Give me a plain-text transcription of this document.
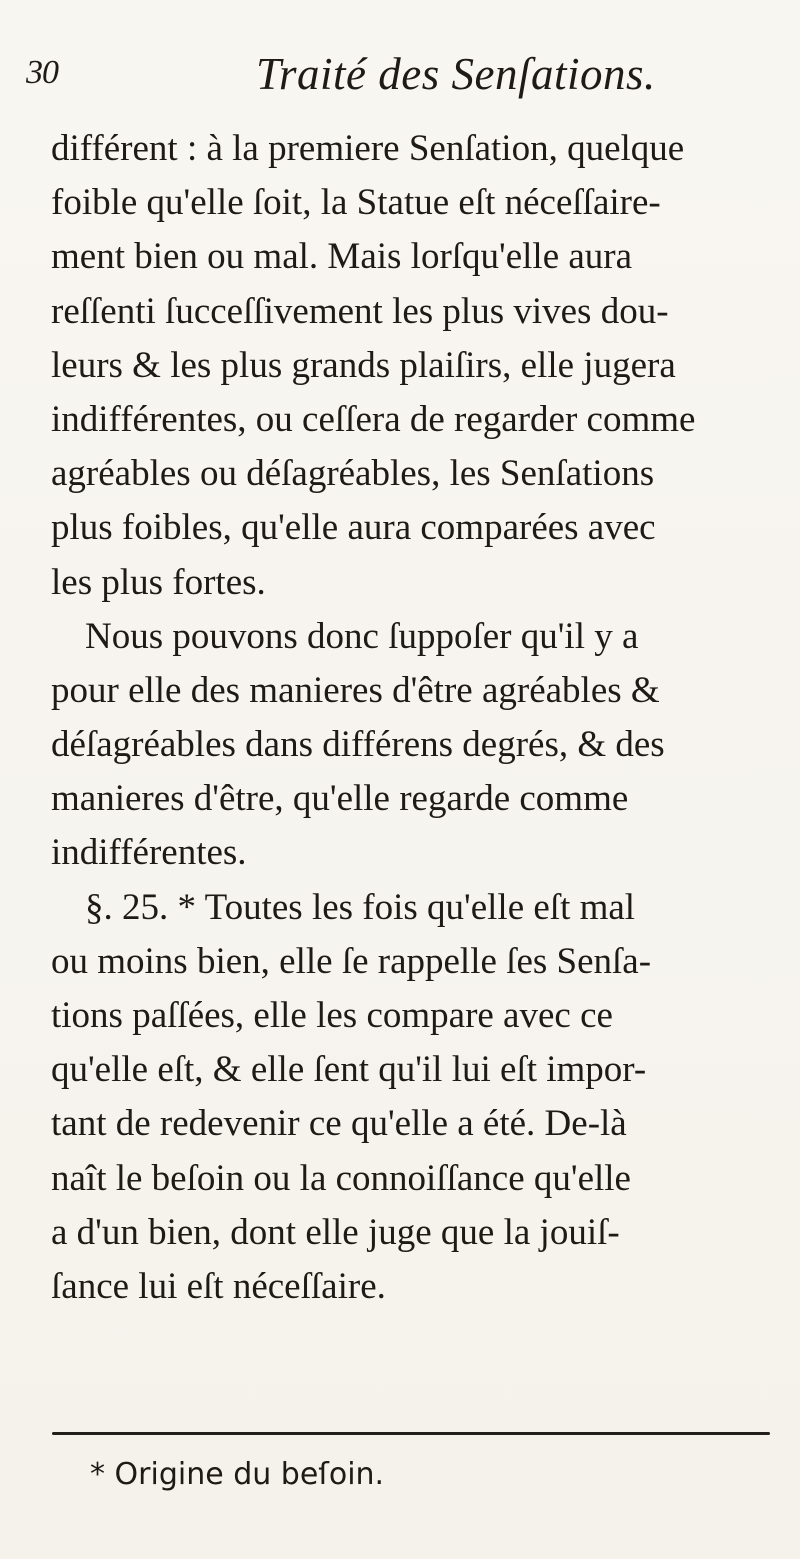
30	Traité des Senſations.
différent : à la premiere Senſation, quelque
foible qu'elle ſoit, la Statue eſt néceſſaire-
ment bien ou mal. Mais lorſqu'elle aura
reſſenti ſucceſſivement les plus vives dou-
leurs & les plus grands plaiſirs, elle jugera
indifférentes, ou ceſſera de regarder comme
agréables ou déſagréables, les Senſations
plus foibles, qu'elle aura comparées avec
les plus fortes.
Nous pouvons donc ſuppoſer qu'il y a
pour elle des manieres d'être agréables &
déſagréables dans différens degrés, & des
manieres d'être, qu'elle regarde comme
indifférentes.
§. 25. * Toutes les fois qu'elle eſt mal
ou moins bien, elle ſe rappelle ſes Senſa-
tions paſſées, elle les compare avec ce
qu'elle eſt, & elle ſent qu'il lui eſt impor-
tant de redevenir ce qu'elle a été. De-là
naît le beſoin ou la connoiſſance qu'elle
a d'un bien, dont elle juge que la jouiſ-
ſance lui eſt néceſſaire.
* Origine du beſoin.
